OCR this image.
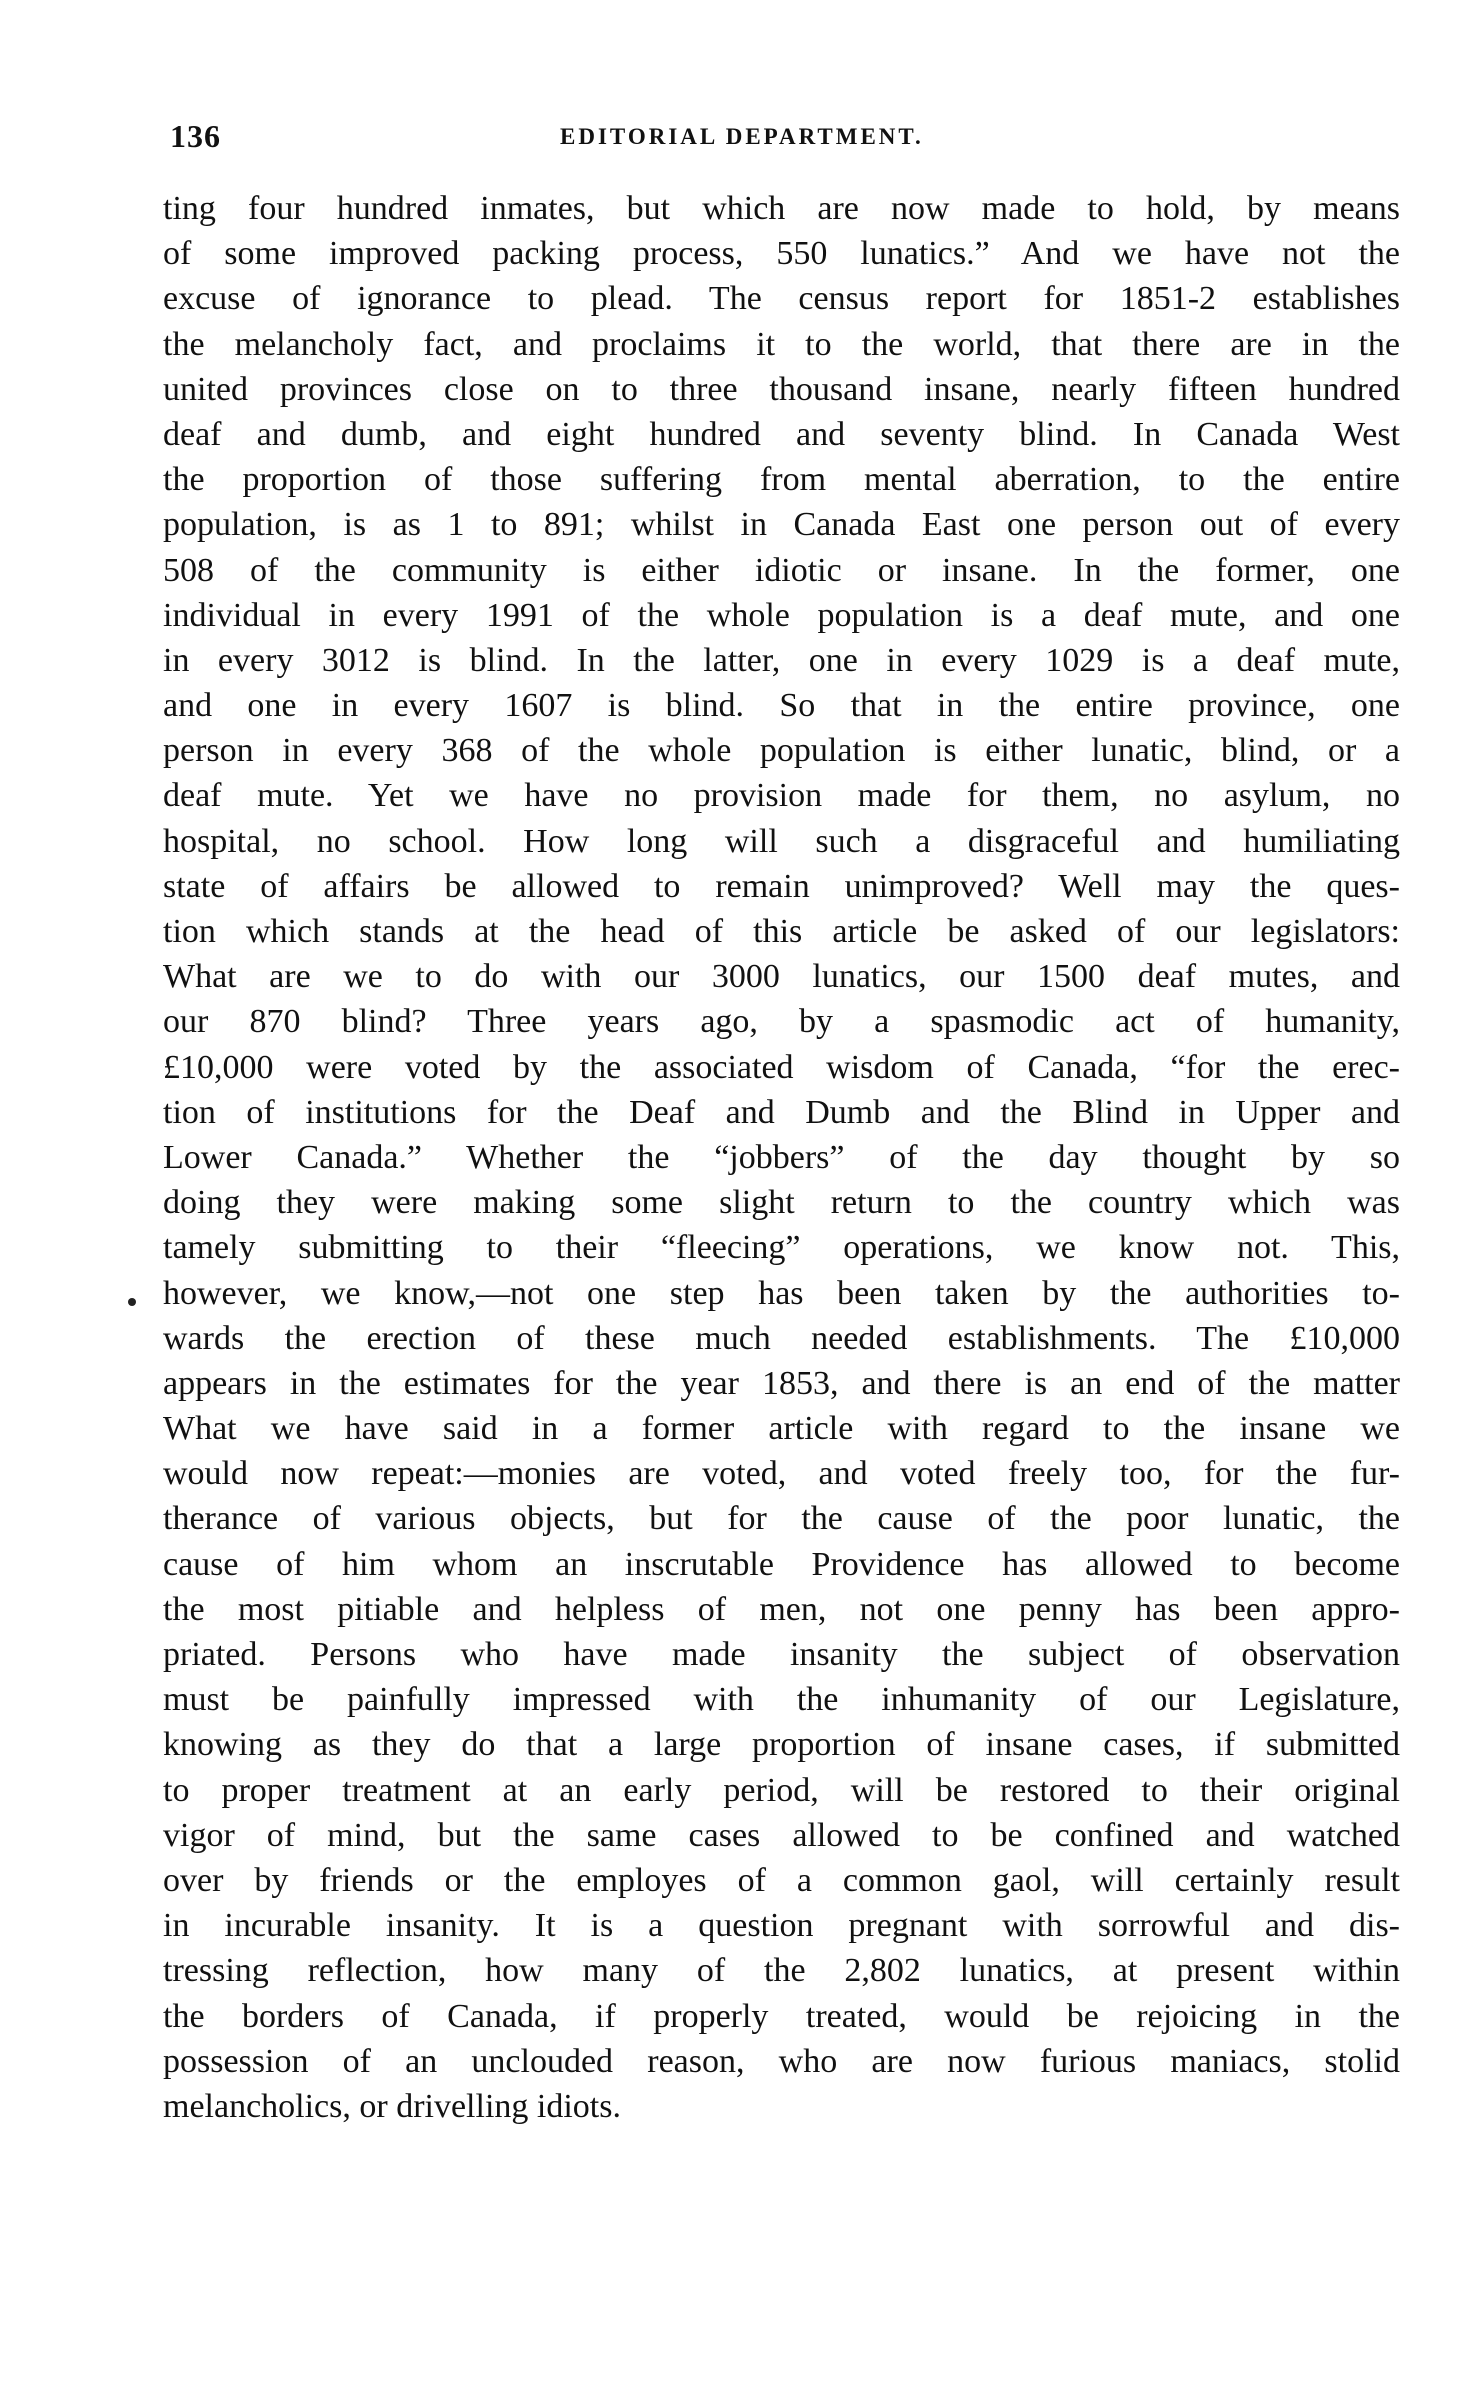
136	EDITORIAL DEPARTMENT.
ting four hundred inmates, but which are now made to hold, by means
of some improved packing process, 550 lunatics.” And we have not the
excuse of ignorance to plead. The census report for 1851-2 establishes
the melancholy fact, and proclaims it to the world, that there are in the
united provinces close on to three thousand insane, nearly fifteen hundred
deaf and dumb, and eight hundred and seventy blind. In Canada West
the proportion of those suffering from mental aberration, to the entire
population, is as 1 to 891; whilst in Canada East one person out of every
508 of the community is either idiotic or insane. In the former, one
individual in every 1991 of the whole population is a deaf mute, and one
in every 3012 is blind. In the latter, one in every 1029 is a deaf mute,
and one in every 1607 is blind. So that in the entire province, one
person in every 368 of the whole population is either lunatic, blind, or a
deaf mute. Yet we have no provision made for them, no asylum, no
hospital, no school. How long will such a disgraceful and humiliating
state of affairs be allowed to remain unimproved? Well may the ques-
tion which stands at the head of this article be asked of our legislators:
What are we to do with our 3000 lunatics, our 1500 deaf mutes, and
our 870 blind? Three years ago, by a spasmodic act of humanity,
£10,000 were voted by the associated wisdom of Canada, “for the erec-
tion of institutions for the Deaf and Dumb and the Blind in Upper and
Lower Canada.” Whether the “jobbers” of the day thought by so
doing they were making some slight return to the country which was
tamely submitting to their “fleecing” operations, we know not. This,
however, we know,—not one step has been taken by the authorities to-
wards the erection of these much needed establishments. The £10,000
appears in the estimates for the year 1853, and there is an end of the matter
What we have said in a former article with regard to the insane we
would now repeat:—monies are voted, and voted freely too, for the fur-
therance of various objects, but for the cause of the poor lunatic, the
cause of him whom an inscrutable Providence has allowed to become
the most pitiable and helpless of men, not one penny has been appro-
priated. Persons who have made insanity the subject of observation
must be painfully impressed with the inhumanity of our Legislature,
knowing as they do that a large proportion of insane cases, if submitted
to proper treatment at an early period, will be restored to their original
vigor of mind, but the same cases allowed to be confined and watched
over by friends or the employes of a common gaol, will certainly result
in incurable insanity. It is a question pregnant with sorrowful and dis-
tressing reflection, how many of the 2,802 lunatics, at present within
the borders of Canada, if properly treated, would be rejoicing in the
possession of an unclouded reason, who are now furious maniacs, stolid
melancholics, or drivelling idiots.
